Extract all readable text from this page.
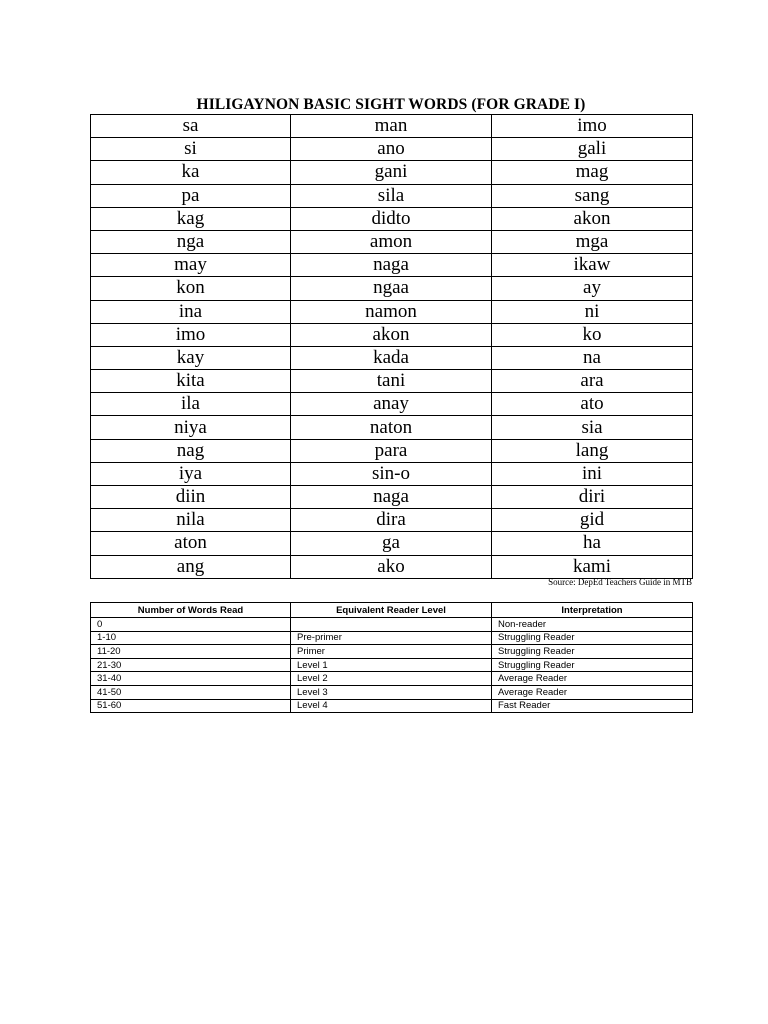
HILIGAYNON BASIC SIGHT WORDS (FOR GRADE I)
sa	man	imo
si	ano	gali
ka	gani	mag
pa	sila	sang
kag	didto	akon
nga	amon	mga
may	naga	ikaw
kon	ngaa	ay
ina	namon	ni
imo	akon	ko
kay	kada	na
kita	tani	ara
ila	anay	ato
niya	naton	sia
nag	para	lang
iya	sin-o	ini
diin	naga	diri
nila	dira	gid
aton	ga	ha
ang	ako	kami
Source: DepEd Teachers Guide in MTB
Number of Words Read	Equivalent Reader Level	Interpretation
0		Non-reader
1-10	Pre-primer	Struggling Reader
11-20	Primer	Struggling Reader
21-30	Level 1	Struggling Reader
31-40	Level 2	Average Reader
41-50	Level 3	Average Reader
51-60	Level 4	Fast Reader
